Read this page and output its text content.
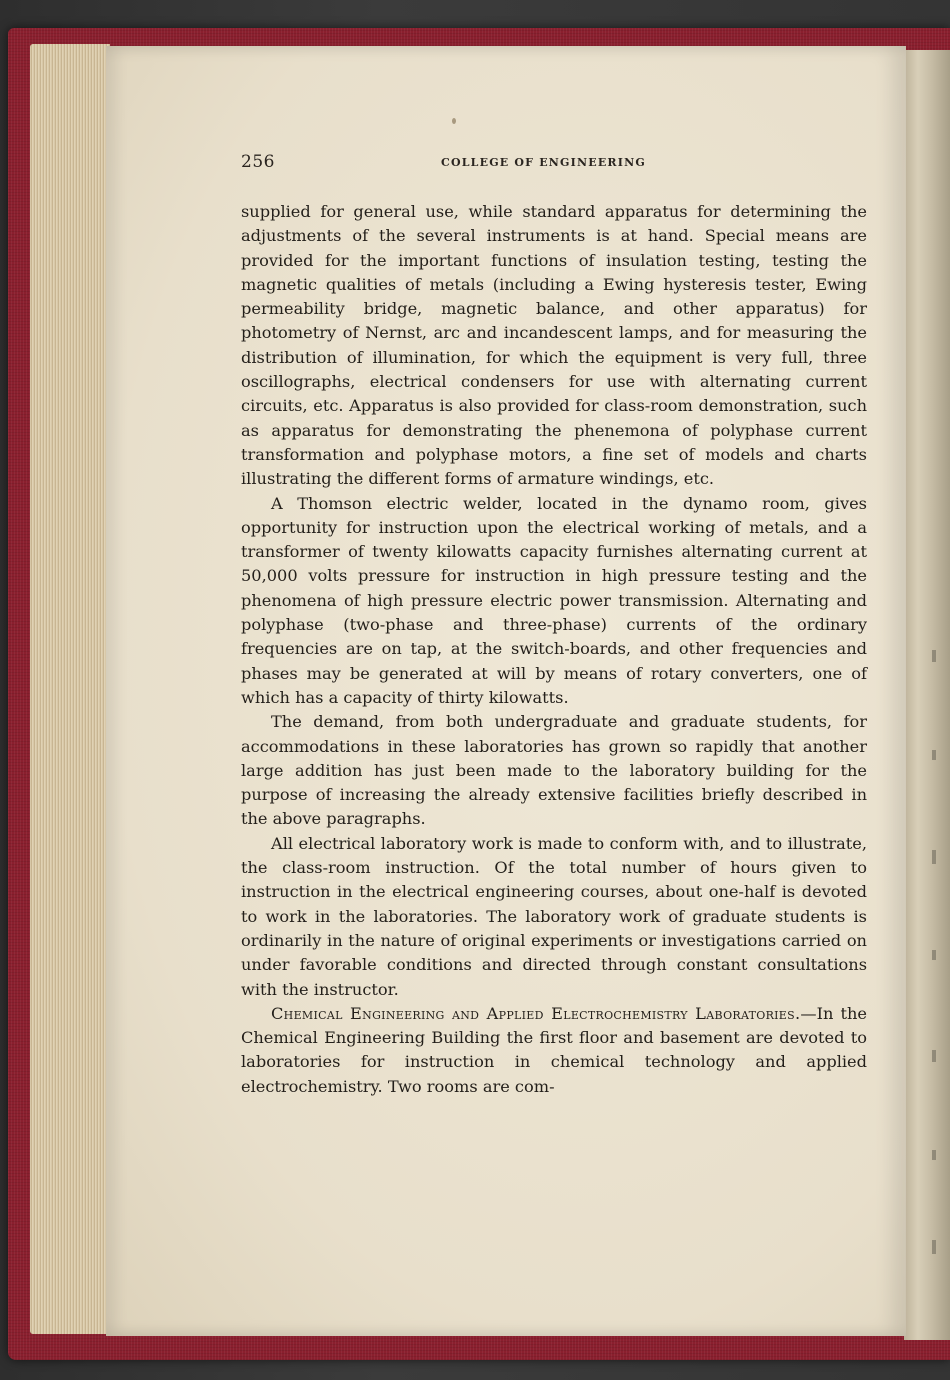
256	COLLEGE OF ENGINEERING

supplied for general use, while standard apparatus for determining the adjustments of the several instruments is at hand. Special means are provided for the important functions of insulation testing, testing the magnetic qualities of metals (including a Ewing hysteresis tester, Ewing permeability bridge, magnetic balance, and other apparatus) for photometry of Nernst, arc and incandescent lamps, and for measuring the distribution of illumination, for which the equipment is very full, three oscillographs, electrical condensers for use with alternating current circuits, etc. Apparatus is also provided for class-room demonstration, such as apparatus for demonstrating the phenemona of polyphase current transformation and polyphase motors, a fine set of models and charts illustrating the different forms of armature windings, etc.

A Thomson electric welder, located in the dynamo room, gives opportunity for instruction upon the electrical working of metals, and a transformer of twenty kilowatts capacity furnishes alternating current at 50,000 volts pressure for instruction in high pressure testing and the phenomena of high pressure electric power transmission. Alternating and polyphase (two-phase and three-phase) currents of the ordinary frequencies are on tap, at the switch-boards, and other frequencies and phases may be generated at will by means of rotary converters, one of which has a capacity of thirty kilowatts.

The demand, from both undergraduate and graduate students, for accommodations in these laboratories has grown so rapidly that another large addition has just been made to the laboratory building for the purpose of increasing the already extensive facilities briefly described in the above paragraphs.

All electrical laboratory work is made to conform with, and to illustrate, the class-room instruction. Of the total number of hours given to instruction in the electrical engineering courses, about one-half is devoted to work in the laboratories. The laboratory work of graduate students is ordinarily in the nature of original experiments or investigations carried on under favorable conditions and directed through constant consultations with the instructor.

Chemical Engineering and Applied Electrochemistry Laboratories.—In the Chemical Engineering Building the first floor and basement are devoted to laboratories for instruction in chemical technology and applied electrochemistry. Two rooms are com-
